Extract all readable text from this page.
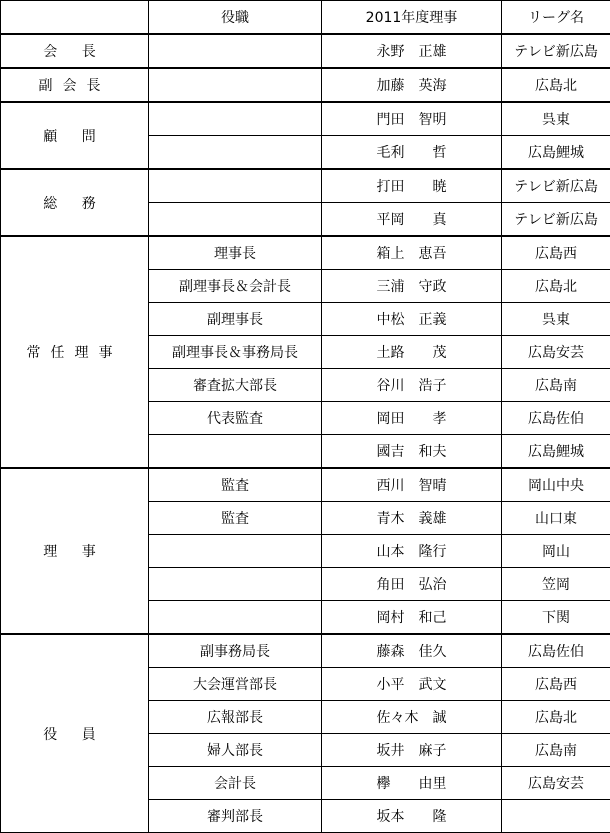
	役職	2011年度理事	リーグ名
会 長		永野　正雄	テレビ新広島
副会長		加藤　英海	広島北
顧 問		門田　智明	呉東
		毛利　　哲	広島鯉城
総 務		打田　　暁	テレビ新広島
		平岡　　真	テレビ新広島
常任理事	理事長	箱上　恵吾	広島西
	副理事長＆会計長	三浦　守政	広島北
	副理事長	中松　正義	呉東
	副理事長＆事務局長	土路　　茂	広島安芸
	審査拡大部長	谷川　浩子	広島南
	代表監査	岡田　　孝	広島佐伯
		國吉　和夫	広島鯉城
理 事	監査	西川　智晴	岡山中央
	監査	青木　義雄	山口東
		山本　隆行	岡山
		角田　弘治	笠岡
		岡村　和己	下関
役 員	副事務局長	藤森　佳久	広島佐伯
	大会運営部長	小平　武文	広島西
	広報部長	佐々木　誠	広島北
	婦人部長	坂井　麻子	広島南
	会計長	欅　　由里	広島安芸
	審判部長	坂本　　隆	
